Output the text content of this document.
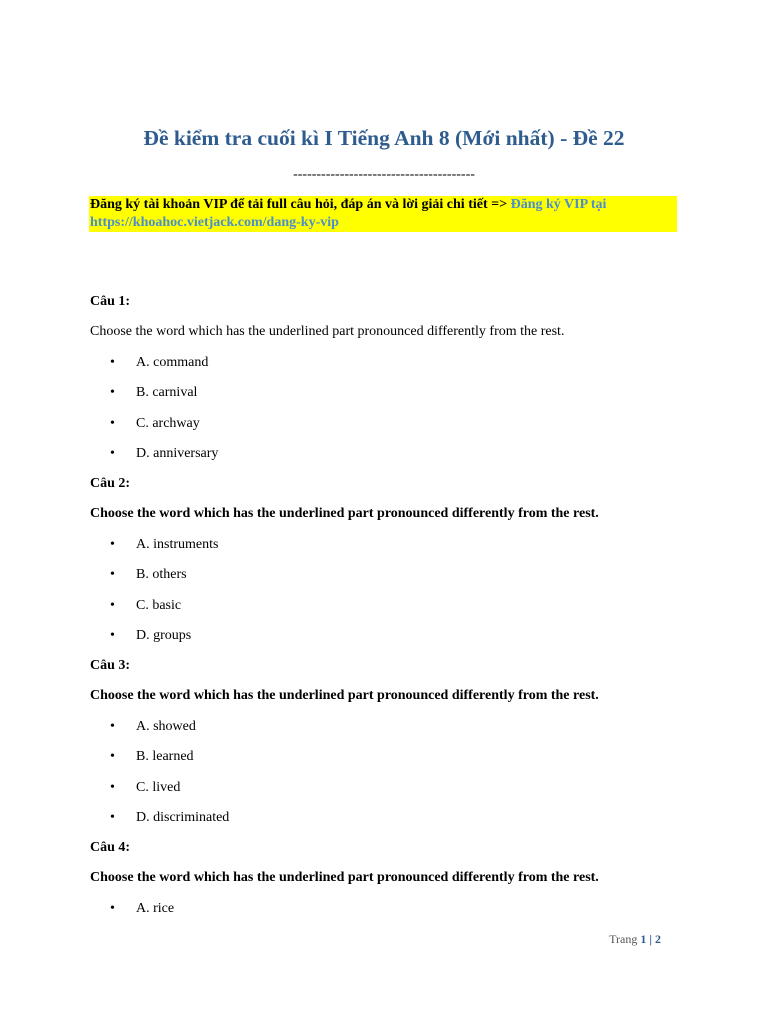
Đề kiểm tra cuối kì I Tiếng Anh 8 (Mới nhất) - Đề 22
---------------------------------------
Đăng ký tài khoản VIP để tải full câu hỏi, đáp án và lời giải chi tiết => Đăng ký VIP tại
https://khoahoc.vietjack.com/dang-ky-vip
Câu 1:
Choose the word which has the underlined part pronounced differently from the rest.
• A. command
• B. carnival
• C. archway
• D. anniversary
Câu 2:
Choose the word which has the underlined part pronounced differently from the rest.
• A. instruments
• B. others
• C. basic
• D. groups
Câu 3:
Choose the word which has the underlined part pronounced differently from the rest.
• A. showed
• B. learned
• C. lived
• D. discriminated
Câu 4:
Choose the word which has the underlined part pronounced differently from the rest.
• A. rice
Trang 1 | 2
